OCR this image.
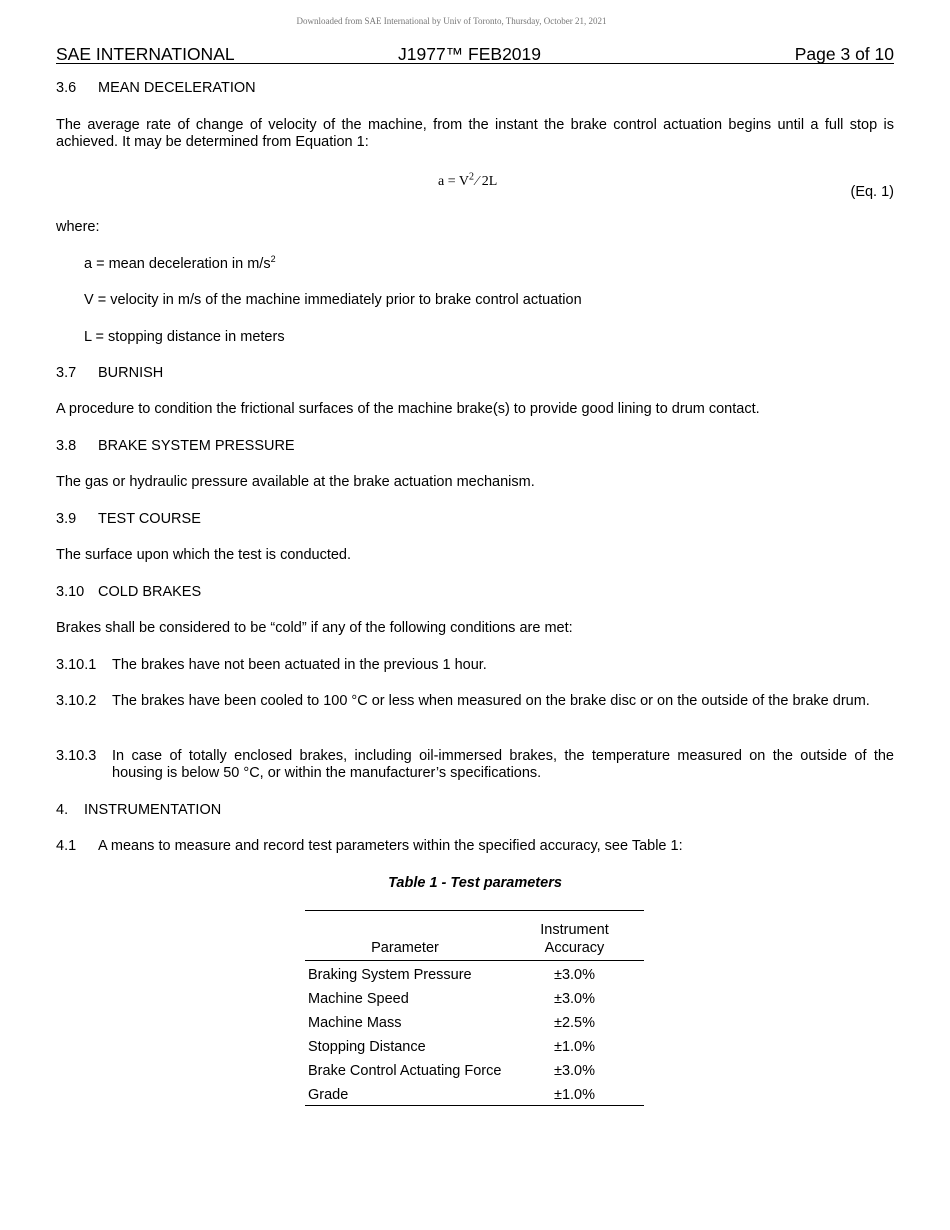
Downloaded from SAE International by Univ of Toronto, Thursday, October 21, 2021
SAE INTERNATIONAL	J1977™ FEB2019	Page 3 of 10
3.6 MEAN DECELERATION
The average rate of change of velocity of the machine, from the instant the brake control actuation begins until a full stop is achieved. It may be determined from Equation 1:
$a = V^2$ ⁄ 2L
(Eq. 1)
where:
a = mean deceleration in $m/s^2$
V = velocity in m/s of the machine immediately prior to brake control actuation
L = stopping distance in meters
3.7 BURNISH
A procedure to condition the frictional surfaces of the machine brake(s) to provide good lining to drum contact.
3.8 BRAKE SYSTEM PRESSURE
The gas or hydraulic pressure available at the brake actuation mechanism.
3.9 TEST COURSE
The surface upon which the test is conducted.
3.10 COLD BRAKES
Brakes shall be considered to be “cold” if any of the following conditions are met:
3.10.1 The brakes have not been actuated in the previous 1 hour.
3.10.2 The brakes have been cooled to 100 °C or less when measured on the brake disc or on the outside of the brake drum.
3.10.3 In case of totally enclosed brakes, including oil-immersed brakes, the temperature measured on the outside of the housing is below 50 °C, or within the manufacturer’s specifications.
4. INSTRUMENTATION
4.1 A means to measure and record test parameters within the specified accuracy, see Table 1:
Table 1 - Test parameters
Parameter	Instrument
Accuracy
Braking System Pressure	±3.0%
Machine Speed	±3.0%
Machine Mass	±2.5%
Stopping Distance	±1.0%
Brake Control Actuating Force	±3.0%
Grade	±1.0%
